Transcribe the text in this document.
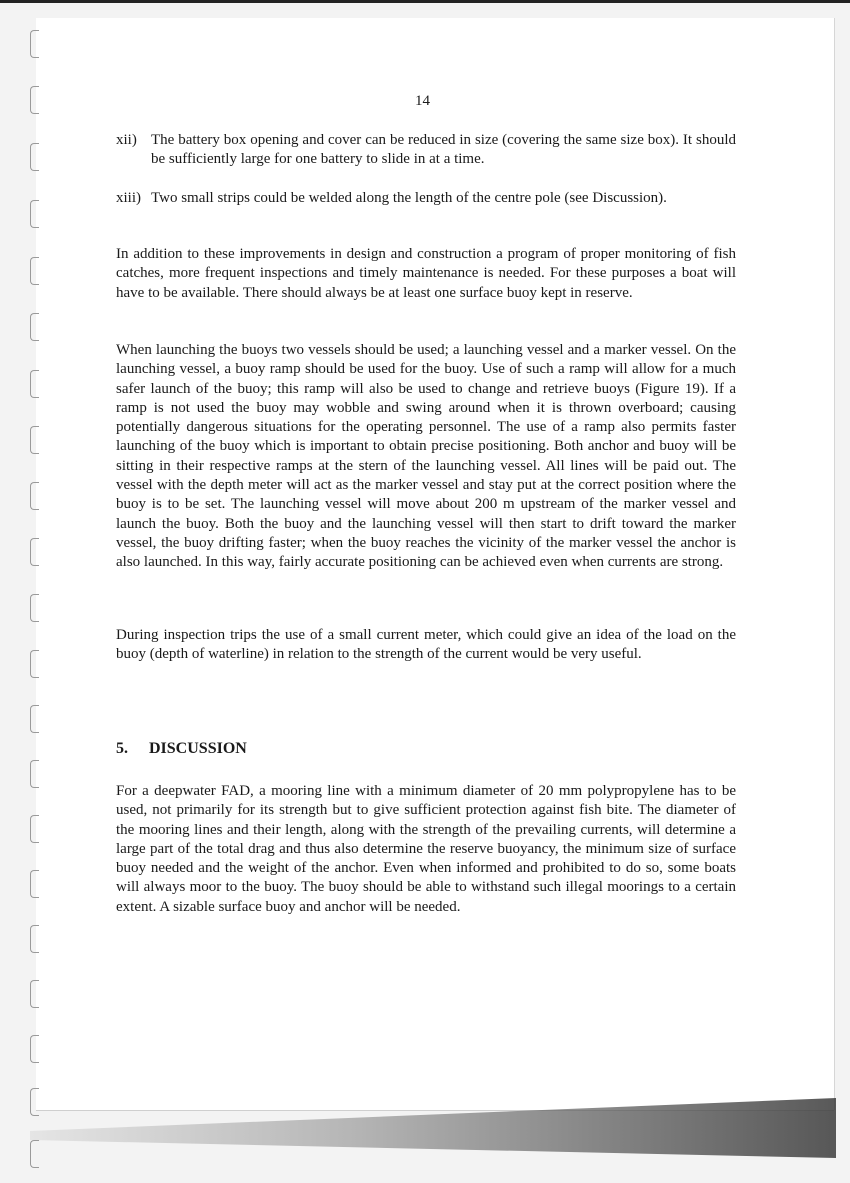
14
xii) The battery box opening and cover can be reduced in size (covering the same size box). It should be sufficiently large for one battery to slide in at a time.
xiii) Two small strips could be welded along the length of the centre pole (see Discussion).

In addition to these improvements in design and construction a program of proper monitoring of fish catches, more frequent inspections and timely maintenance is needed. For these purposes a boat will have to be available. There should always be at least one surface buoy kept in reserve.

When launching the buoys two vessels should be used; a launching vessel and a marker vessel. On the launching vessel, a buoy ramp should be used for the buoy. Use of such a ramp will allow for a much safer launch of the buoy; this ramp will also be used to change and retrieve buoys (Figure 19). If a ramp is not used the buoy may wobble and swing around when it is thrown overboard; causing potentially dangerous situations for the operating personnel. The use of a ramp also permits faster launching of the buoy which is important to obtain precise positioning. Both anchor and buoy will be sitting in their respective ramps at the stern of the launching vessel. All lines will be paid out. The vessel with the depth meter will act as the marker vessel and stay put at the correct position where the buoy is to be set. The launching vessel will move about 200 m upstream of the marker vessel and launch the buoy. Both the buoy and the launching vessel will then start to drift toward the marker vessel, the buoy drifting faster; when the buoy reaches the vicinity of the marker vessel the anchor is also launched. In this way, fairly accurate positioning can be achieved even when currents are strong.

During inspection trips the use of a small current meter, which could give an idea of the load on the buoy (depth of waterline) in relation to the strength of the current would be very useful.

5. DISCUSSION

For a deepwater FAD, a mooring line with a minimum diameter of 20 mm polypropylene has to be used, not primarily for its strength but to give sufficient protection against fish bite. The diameter of the mooring lines and their length, along with the strength of the prevailing currents, will determine a large part of the total drag and thus also determine the reserve buoyancy, the minimum size of surface buoy needed and the weight of the anchor. Even when informed and prohibited to do so, some boats will always moor to the buoy. The buoy should be able to withstand such illegal moorings to a certain extent. A sizable surface buoy and anchor will be needed.
